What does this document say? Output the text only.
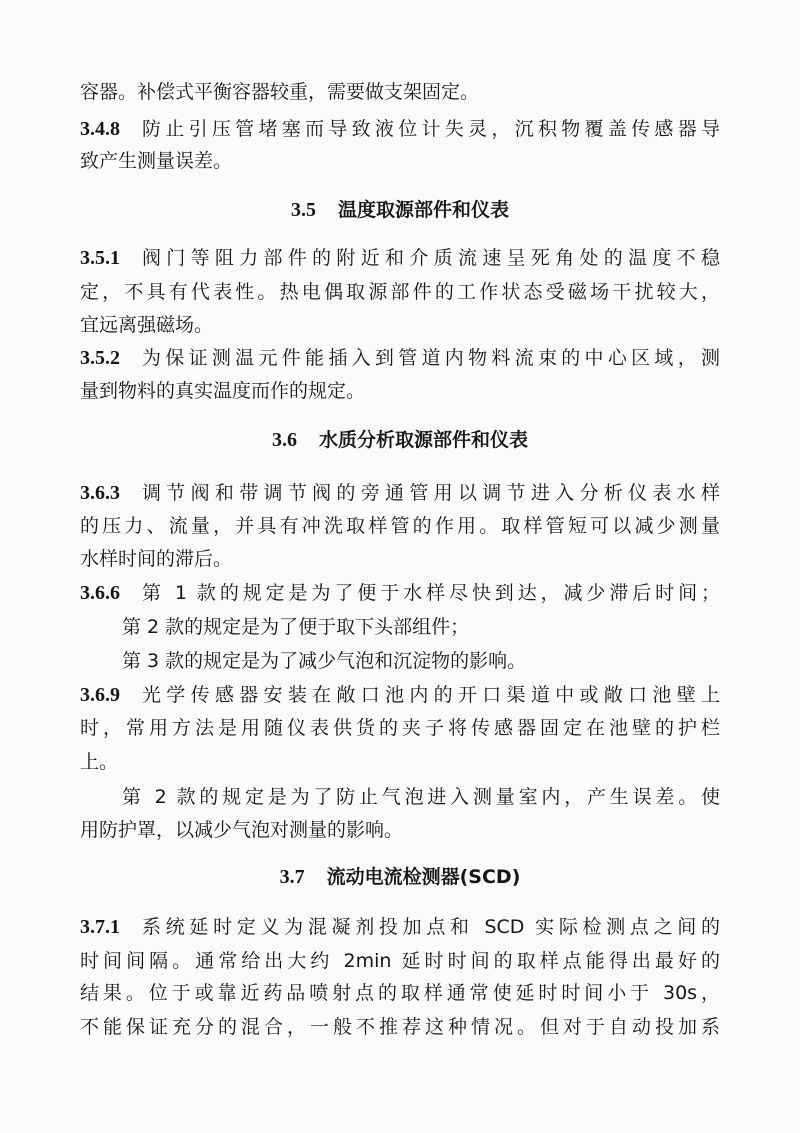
容器。补偿式平衡容器较重，需要做支架固定。
3.4.8	防止引压管堵塞而导致液位计失灵，沉积物覆盖传感器导
致产生测量误差。
3.5 温度取源部件和仪表
3.5.1	阀门等阻力部件的附近和介质流速呈死角处的温度不稳
定，不具有代表性。热电偶取源部件的工作状态受磁场干扰较大，
宜远离强磁场。
3.5.2	为保证测温元件能插入到管道内物料流束的中心区域，测
量到物料的真实温度而作的规定。
3.6 水质分析取源部件和仪表
3.6.3	调节阀和带调节阀的旁通管用以调节进入分析仪表水样
的压力、流量，并具有冲洗取样管的作用。取样管短可以减少测量
水样时间的滞后。
3.6.6	第 1 款的规定是为了便于水样尽快到达，减少滞后时间；
第 2 款的规定是为了便于取下头部组件；
第 3 款的规定是为了减少气泡和沉淀物的影响。
3.6.9	光学传感器安装在敞口池内的开口渠道中或敞口池壁上
时，常用方法是用随仪表供货的夹子将传感器固定在池壁的护栏
上。
第 2 款的规定是为了防止气泡进入测量室内，产生误差。使
用防护罩，以减少气泡对测量的影响。
3.7 流动电流检测器(SCD)
3.7.1	系统延时定义为混凝剂投加点和 SCD 实际检测点之间的
时间间隔。通常给出大约 2min 延时时间的取样点能得出最好的
结果。位于或靠近药品喷射点的取样通常使延时时间小于 30s，
不能保证充分的混合，一般不推荐这种情况。但对于自动投加系
